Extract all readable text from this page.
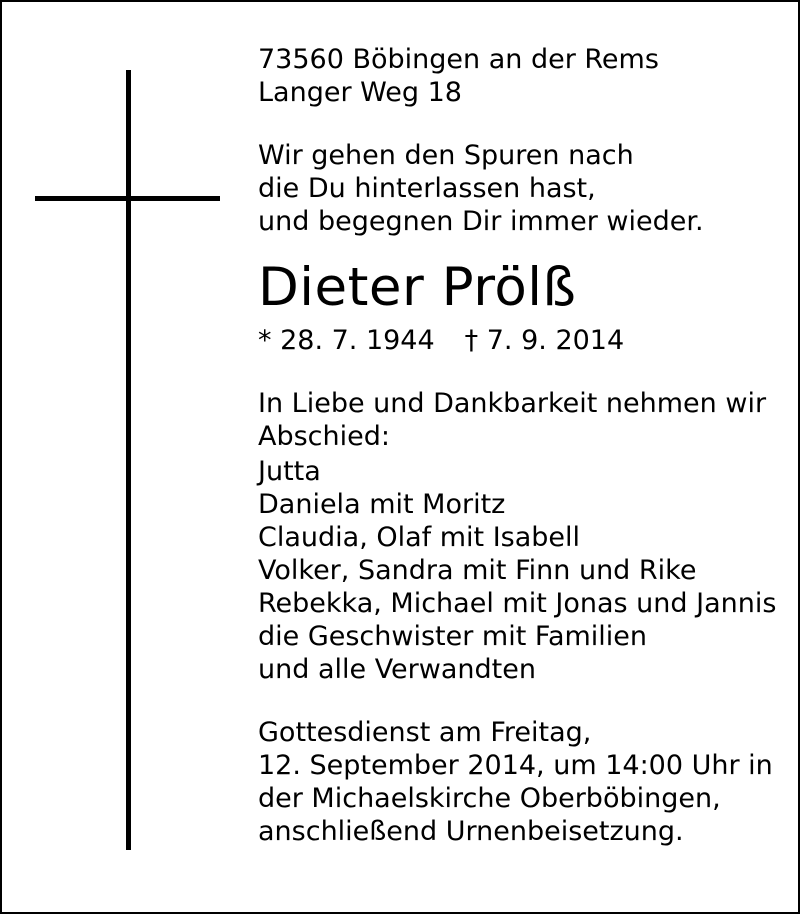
73560 Böbingen an der Rems
Langer Weg 18
Wir gehen den Spuren nach
die Du hinterlassen hast,
und begegnen Dir immer wieder.
Dieter Prölß
* 28. 7. 1944 † 7. 9. 2014
In Liebe und Dankbarkeit nehmen wir
Abschied:
Jutta
Daniela mit Moritz
Claudia, Olaf mit Isabell
Volker, Sandra mit Finn und Rike
Rebekka, Michael mit Jonas und Jannis
die Geschwister mit Familien
und alle Verwandten
Gottesdienst am Freitag,
12. September 2014, um 14:00 Uhr in
der Michaelskirche Oberböbingen,
anschließend Urnenbeisetzung.
